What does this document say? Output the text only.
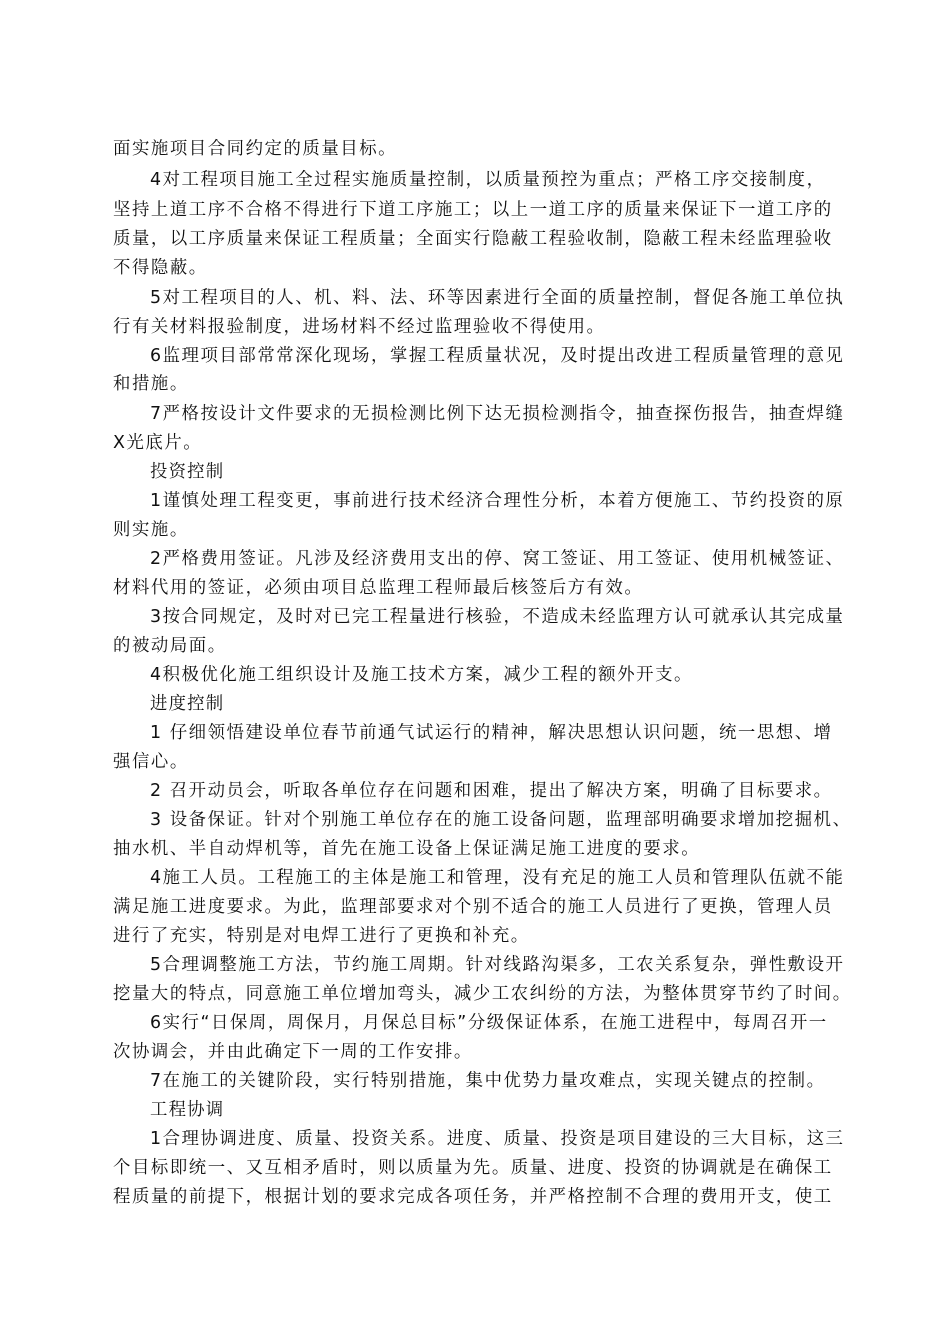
面实施项目合同约定的质量目标。
4对工程项目施工全过程实施质量控制，以质量预控为重点；严格工序交接制度，
坚持上道工序不合格不得进行下道工序施工；以上一道工序的质量来保证下一道工序的
质量，以工序质量来保证工程质量；全面实行隐蔽工程验收制，隐蔽工程未经监理验收
不得隐蔽。
5对工程项目的人、机、料、法、环等因素进行全面的质量控制，督促各施工单位执
行有关材料报验制度，进场材料不经过监理验收不得使用。
6监理项目部常常深化现场，掌握工程质量状况，及时提出改进工程质量管理的意见
和措施。
7严格按设计文件要求的无损检测比例下达无损检测指令，抽查探伤报告，抽查焊缝
X光底片。
投资控制
1谨慎处理工程变更，事前进行技术经济合理性分析，本着方便施工、节约投资的原
则实施。
2严格费用签证。凡涉及经济费用支出的停、窝工签证、用工签证、使用机械签证、
材料代用的签证，必须由项目总监理工程师最后核签后方有效。
3按合同规定，及时对已完工程量进行核验，不造成未经监理方认可就承认其完成量
的被动局面。
4积极优化施工组织设计及施工技术方案，减少工程的额外开支。
进度控制
1 仔细领悟建设单位春节前通气试运行的精神，解决思想认识问题，统一思想、增
强信心。
2 召开动员会，听取各单位存在问题和困难，提出了解决方案，明确了目标要求。
3 设备保证。针对个别施工单位存在的施工设备问题，监理部明确要求增加挖掘机、
抽水机、半自动焊机等，首先在施工设备上保证满足施工进度的要求。
4施工人员。工程施工的主体是施工和管理，没有充足的施工人员和管理队伍就不能
满足施工进度要求。为此，监理部要求对个别不适合的施工人员进行了更换，管理人员
进行了充实，特别是对电焊工进行了更换和补充。
5合理调整施工方法，节约施工周期。针对线路沟渠多，工农关系复杂，弹性敷设开
挖量大的特点，同意施工单位增加弯头，减少工农纠纷的方法，为整体贯穿节约了时间。
6实行“日保周，周保月，月保总目标”分级保证体系，在施工进程中，每周召开一
次协调会，并由此确定下一周的工作安排。
7在施工的关键阶段，实行特别措施，集中优势力量攻难点，实现关键点的控制。
工程协调
1合理协调进度、质量、投资关系。进度、质量、投资是项目建设的三大目标，这三
个目标即统一、又互相矛盾时，则以质量为先。质量、进度、投资的协调就是在确保工
程质量的前提下，根据计划的要求完成各项任务，并严格控制不合理的费用开支，使工
